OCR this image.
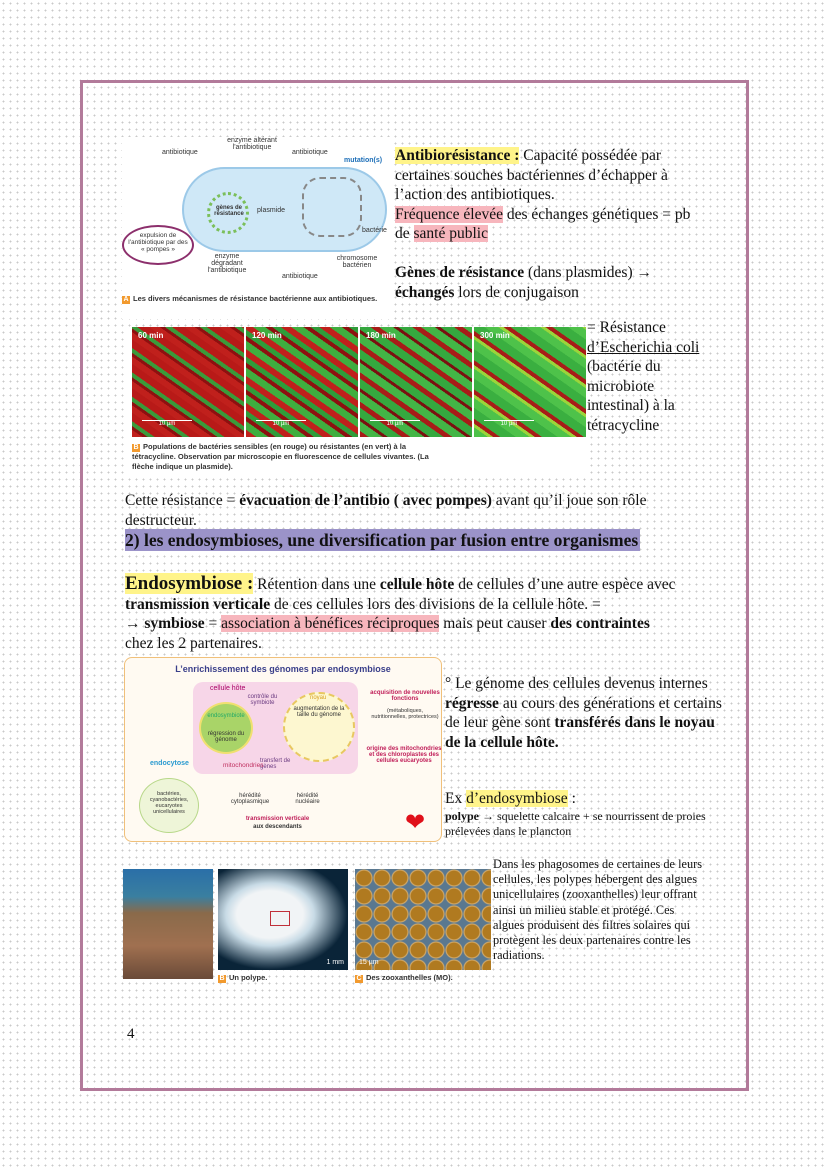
antibiotique
enzyme altérant l'antibiotique
antibiotique
mutation(s)
gènes de résistance plasmide
bactérie
expulsion de l'antibiotique par des « pompes »
enzyme dégradant l'antibiotique
antibiotique
chromosome bactérien
A Les divers mécanismes de résistance bactérienne aux antibiotiques.
Antibiorésistance : Capacité possédée par certaines souches bactériennes d’échapper à l’action des antibiotiques.
Fréquence élevée des échanges génétiques = pb de santé public

Gènes de résistance (dans plasmides) →
échangés lors de conjugaison
60 min
10 µm
120 min
10 µm
180 min
10 µm
300 min
10 µm
B Populations de bactéries sensibles (en rouge) ou résistantes (en vert) à la tétracycline. Observation par microscopie en fluorescence de cellules vivantes. (La flèche indique un plasmide).
= Résistance d’Escherichia coli (bactérie du microbiote intestinal) à la tétracycline
Cette résistance = évacuation de l’antibio ( avec pompes) avant qu’il joue son rôle destructeur.
2) les endosymbioses, une diversification par fusion entre organismes
Endosymbiose : Rétention dans une cellule hôte de cellules d’une autre espèce avec transmission verticale de ces cellules lors des divisions de la cellule hôte. =
→ symbiose = association à bénéfices réciproques mais peut causer des contraintes
chez les 2 partenaires.
L’enrichissement des génomes par endosymbiose
cellule hôte
contrôle du symbiote
endosymbiote
régression du génome
noyau
augmentation de la taille du génome
transfert de gènes
mitochondries
endocytose
bactéries, cyanobactéries, eucaryotes unicellulaires
hérédité cytoplasmique
hérédité nucléaire
transmission verticale
aux descendants
acquisition de nouvelles fonctions
(métaboliques, nutritionnelles, protectrices)
origine des mitochondries et des chloroplastes des cellules eucaryotes
❤
° Le génome des cellules devenus internes régresse au cours des générations et certains de leur gène sont transférés dans le noyau de la cellule hôte.
Ex d’endosymbiose :
polype → squelette calcaire + se nourrissent de proies prélevées dans le plancton
1 mm
B Un polype.
15 µm
C Des zooxanthelles (MO).
Dans les phagosomes de certaines de leurs cellules, les polypes hébergent des algues unicellulaires (zooxanthelles) leur offrant ainsi un milieu stable et protégé. Ces algues produisent des filtres solaires qui protègent les deux partenaires contre les radiations.
4
